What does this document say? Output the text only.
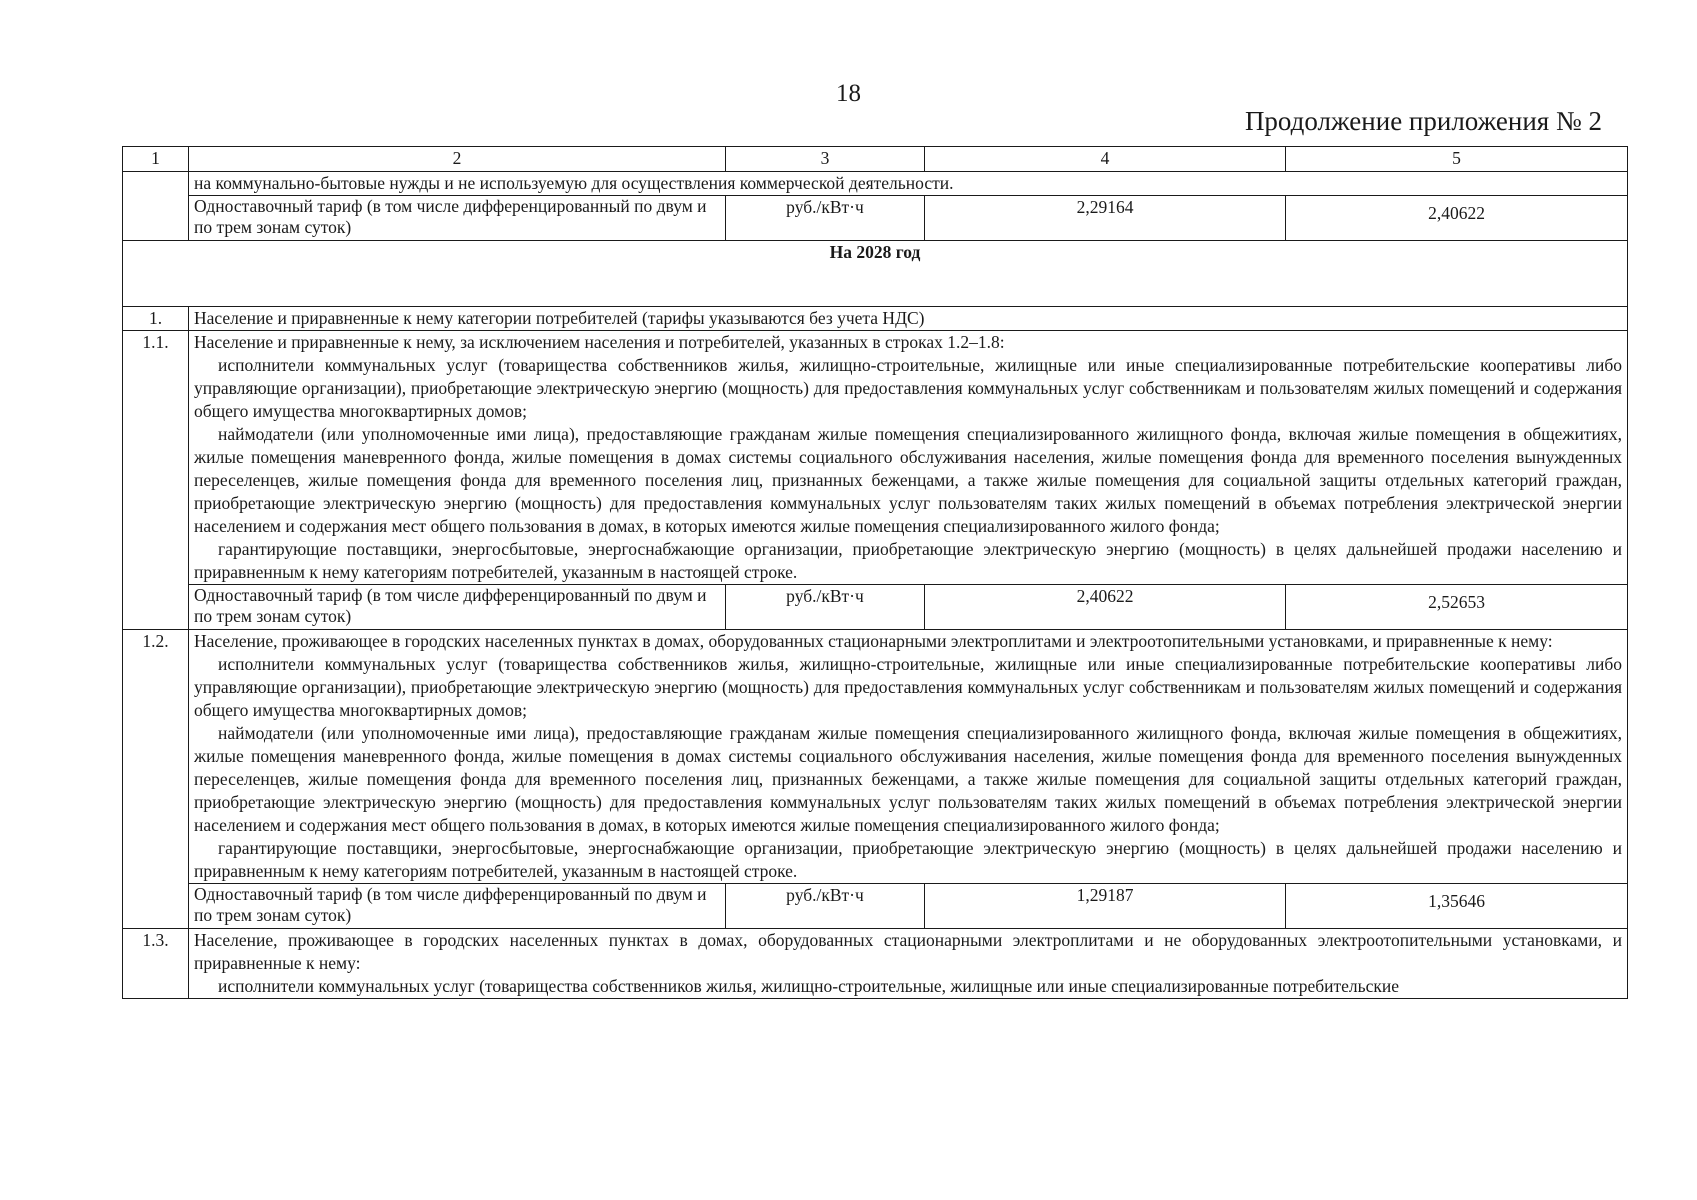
18
Продолжение приложения № 2
1	2	3	4	5
	на коммунально-бытовые нужды и не используемую для осуществления коммерческой деятельности.			
	Одноставочный тариф (в том числе дифференцированный по двум и по трем зонам суток)	руб./кВт·ч	2,29164	2,40622
На 2028 год				
1.	Население и приравненные к нему категории потребителей (тарифы указываются без учета НДС)			
1.1.	Население и приравненные к нему, за исключением населения и потребителей, указанных в строках 1.2–1.8:
исполнители коммунальных услуг (товарищества собственников жилья, жилищно-строительные, жилищные или иные специализированные потребительские кооперативы либо управляющие организации), приобретающие электрическую энергию (мощность) для предоставления коммунальных услуг собственникам и пользователям жилых помещений и содержания общего имущества многоквартирных домов;
наймодатели (или уполномоченные ими лица), предоставляющие гражданам жилые помещения специализированного жилищного фонда, включая жилые помещения в общежитиях, жилые помещения маневренного фонда, жилые помещения в домах системы социального обслуживания населения, жилые помещения фонда для временного поселения вынужденных переселенцев, жилые помещения фонда для временного поселения лиц, признанных беженцами, а также жилые помещения для социальной защиты отдельных категорий граждан, приобретающие электрическую энергию (мощность) для предоставления коммунальных услуг пользователям таких жилых помещений в объемах потребления электрической энергии населением и содержания мест общего пользования в домах, в которых имеются жилые помещения специализированного жилого фонда;
гарантирующие поставщики, энергосбытовые, энергоснабжающие организации, приобретающие электрическую энергию (мощность) в целях дальнейшей продажи населению и приравненным к нему категориям потребителей, указанным в настоящей строке.			

	Одноставочный тариф (в том числе дифференцированный по двум и по трем зонам суток)	руб./кВт·ч	2,40622	2,52653
1.2.	Население, проживающее в городских населенных пунктах в домах, оборудованных стационарными электроплитами и электроотопительными установками, и приравненные к нему:
исполнители коммунальных услуг (товарищества собственников жилья, жилищно-строительные, жилищные или иные специализированные потребительские кооперативы либо управляющие организации), приобретающие электрическую энергию (мощность) для предоставления коммунальных услуг собственникам и пользователям жилых помещений и содержания общего имущества многоквартирных домов;
наймодатели (или уполномоченные ими лица), предоставляющие гражданам жилые помещения специализированного жилищного фонда, включая жилые помещения в общежитиях, жилые помещения маневренного фонда, жилые помещения в домах системы социального обслуживания населения, жилые помещения фонда для временного поселения вынужденных переселенцев, жилые помещения фонда для временного поселения лиц, признанных беженцами, а также жилые помещения для социальной защиты отдельных категорий граждан, приобретающие электрическую энергию (мощность) для предоставления коммунальных услуг пользователям таких жилых помещений в объемах потребления электрической энергии населением и содержания мест общего пользования в домах, в которых имеются жилые помещения специализированного жилого фонда;
гарантирующие поставщики, энергосбытовые, энергоснабжающие организации, приобретающие электрическую энергию (мощность) в целях дальнейшей продажи населению и приравненным к нему категориям потребителей, указанным в настоящей строке.			

	Одноставочный тариф (в том числе дифференцированный по двум и по трем зонам суток)	руб./кВт·ч	1,29187	1,35646
1.3.	Население, проживающее в городских населенных пунктах в домах, оборудованных стационарными электроплитами и не оборудованных электроотопительными установками, и приравненные к нему:
исполнители коммунальных услуг (товарищества собственников жилья, жилищно-строительные, жилищные или иные специализированные потребительские			
